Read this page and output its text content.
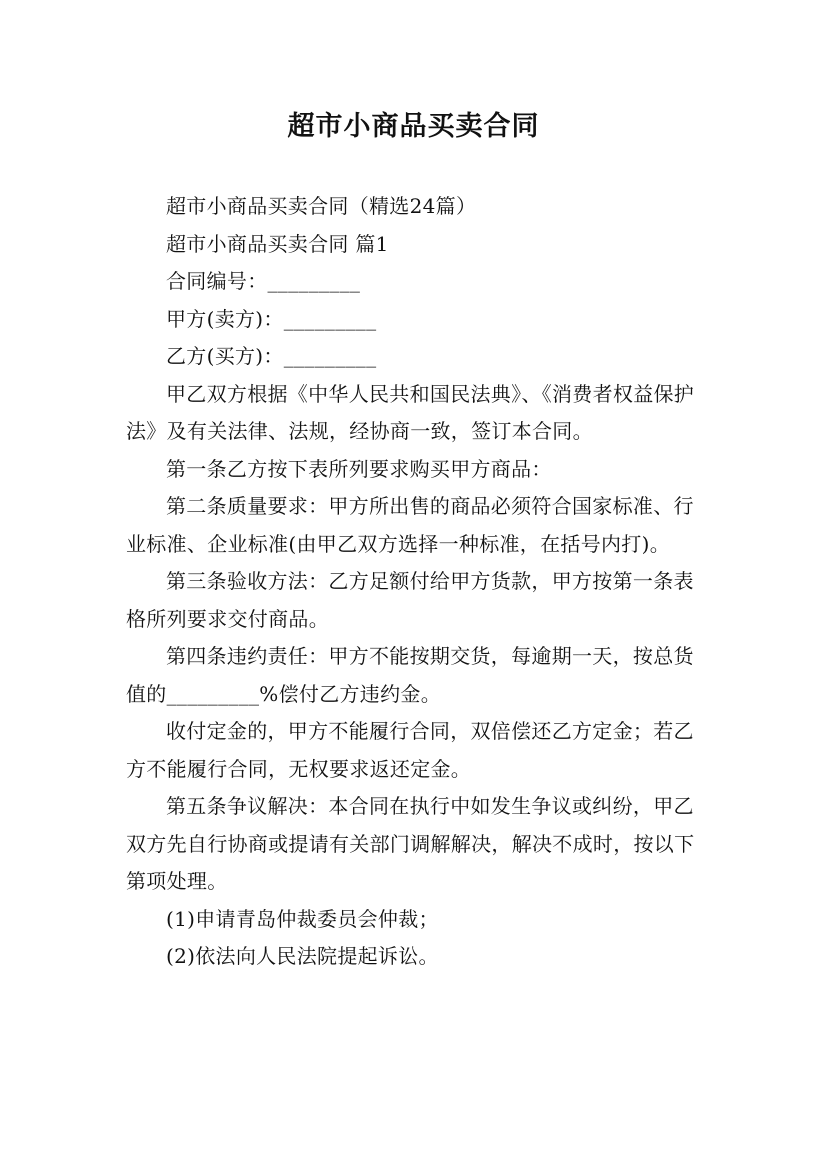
超市小商品买卖合同

超市小商品买卖合同（精选24篇）

超市小商品买卖合同 篇1

合同编号：_________

甲方(卖方)：_________

乙方(买方)：_________

甲乙双方根据《中华人民共和国民法典》、《消费者权益保护法》及有关法律、法规，经协商一致，签订本合同。

第一条乙方按下表所列要求购买甲方商品：

第二条质量要求：甲方所出售的商品必须符合国家标准、行业标准、企业标准(由甲乙双方选择一种标准，在括号内打)。

第三条验收方法：乙方足额付给甲方货款，甲方按第一条表格所列要求交付商品。

第四条违约责任：甲方不能按期交货，每逾期一天，按总货值的_________%偿付乙方违约金。

收付定金的，甲方不能履行合同，双倍偿还乙方定金；若乙方不能履行合同，无权要求返还定金。

第五条争议解决：本合同在执行中如发生争议或纠纷，甲乙双方先自行协商或提请有关部门调解解决，解决不成时，按以下第项处理。

(1)申请青岛仲裁委员会仲裁；

(2)依法向人民法院提起诉讼。
